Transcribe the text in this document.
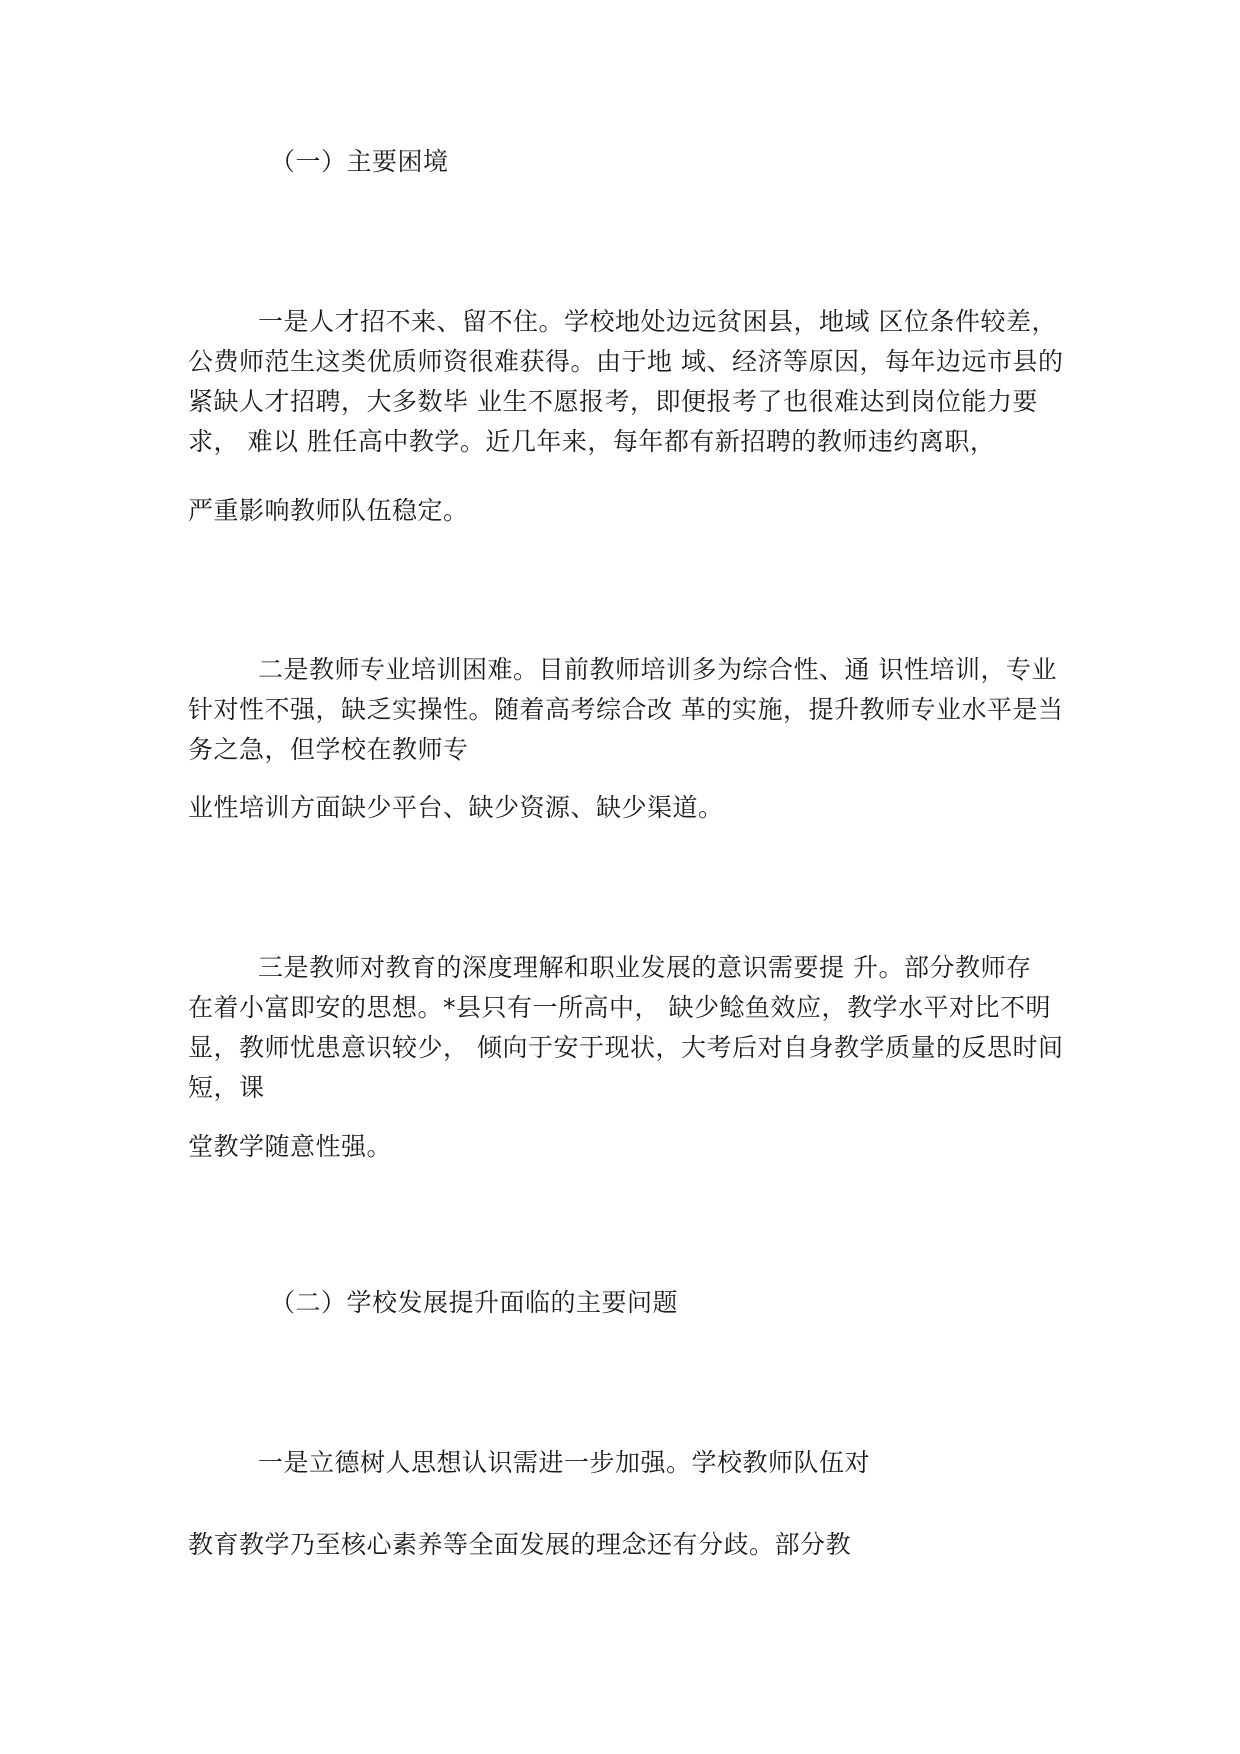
（一）主要困境
一是人才招不来、留不住。学校地处边远贫困县，地域 区位条件较差，
公费师范生这类优质师资很难获得。由于地 域、经济等原因，每年边远市县的
紧缺人才招聘，大多数毕 业生不愿报考，即便报考了也很难达到岗位能力要
求， 难以 胜任高中教学。近几年来，每年都有新招聘的教师违约离职，
严重影响教师队伍稳定。
二是教师专业培训困难。目前教师培训多为综合性、通 识性培训，专业
针对性不强，缺乏实操性。随着高考综合改 革的实施，提升教师专业水平是当
务之急，但学校在教师专
业性培训方面缺少平台、缺少资源、缺少渠道。
三是教师对教育的深度理解和职业发展的意识需要提 升。部分教师存
在着小富即安的思想。*县只有一所高中， 缺少鲶鱼效应，教学水平对比不明
显，教师忧患意识较少， 倾向于安于现状，大考后对自身教学质量的反思时间
短，课
堂教学随意性强。
（二）学校发展提升面临的主要问题
一是立德树人思想认识需进一步加强。学校教师队伍对
教育教学乃至核心素养等全面发展的理念还有分歧。部分教
